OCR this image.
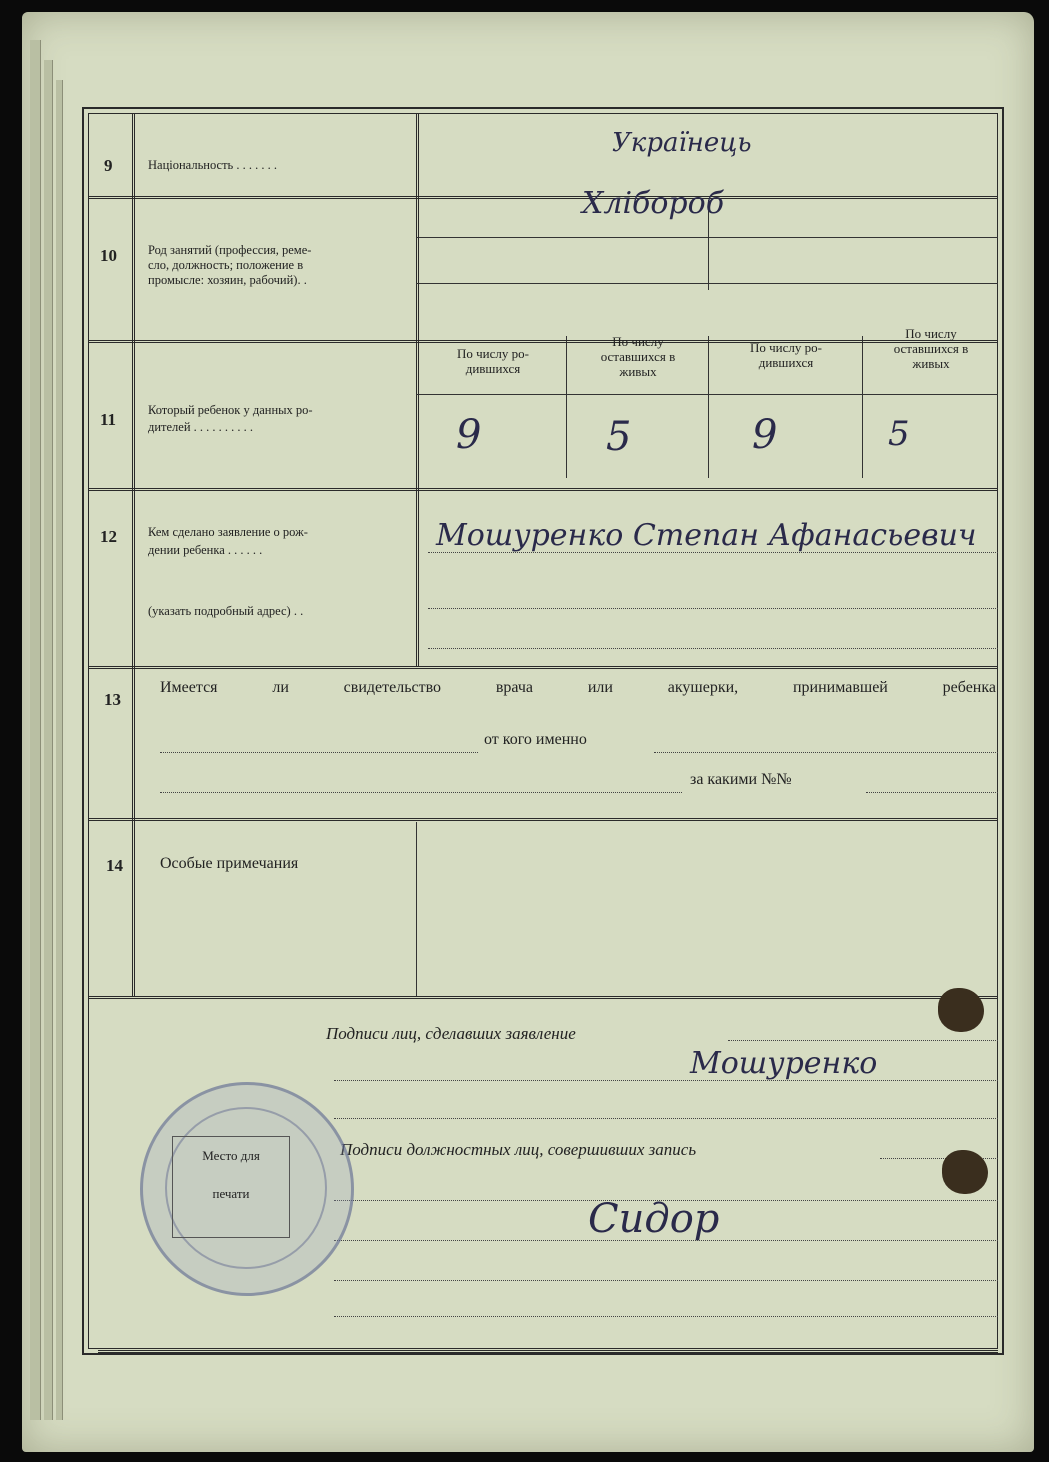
9	Національность . . . . . . .
Українець
10 Род занятий (профессия, реме-
сло, должность; положение в
промысле: хозяин, рабочий). .
Хлібороб
11	Который ребенок у данных ро-
дителей . . . . . . . . . .
По числу ро-
дившихся
По числу
оставшихся в
живых
По числу ро-
дившихся
По числу
оставшихся в
живых
9	5	9	5
12 Кем сделано заявление о рож-
дении ребенка . . . . . .
(указать подробный адрес) . .
Мошуренко Степан Афанасьевич
13
Имеется ли свидетельство врача или акушерки, принимавшей ребенка
от кого именно
за какими №№
14 Особые примечания
Подписи лиц, сделавших заявление
Мошуренко
Подписи должностных лиц, совершивших запись
Сидор
Место для
печати
